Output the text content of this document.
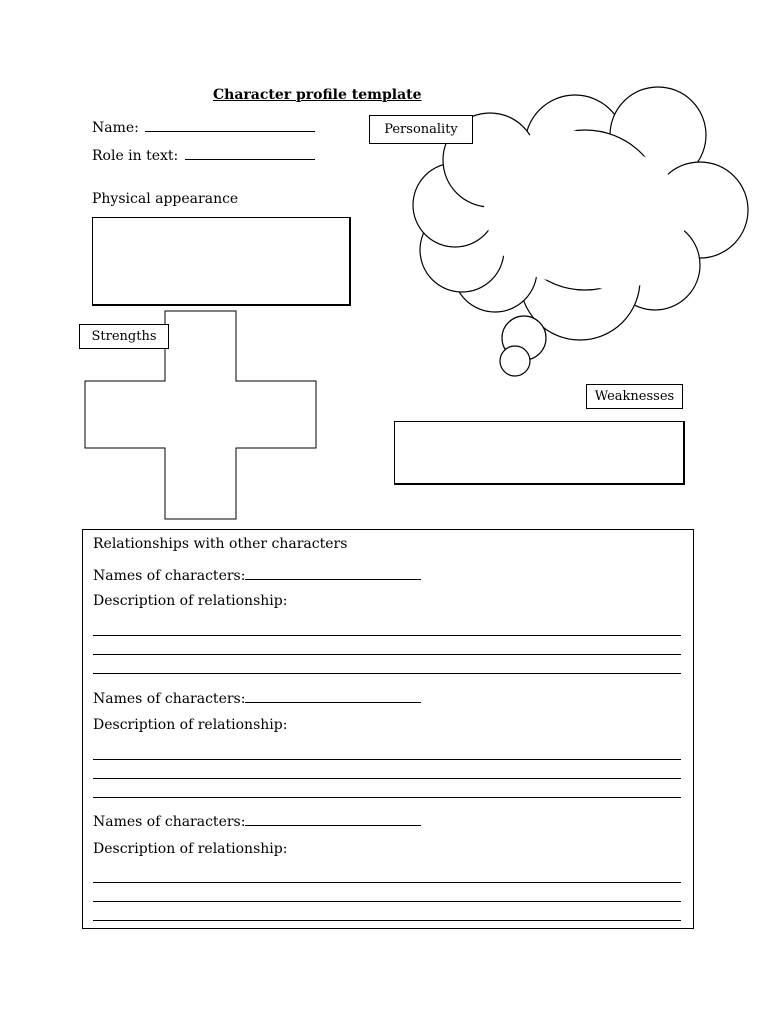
Character profile template
Name:
Role in text:
Physical appearance
Personality
Strengths
Weaknesses
Relationships with other characters
Names of characters:
Description of relationship:
Names of characters:
Description of relationship:
Names of characters:
Description of relationship:
